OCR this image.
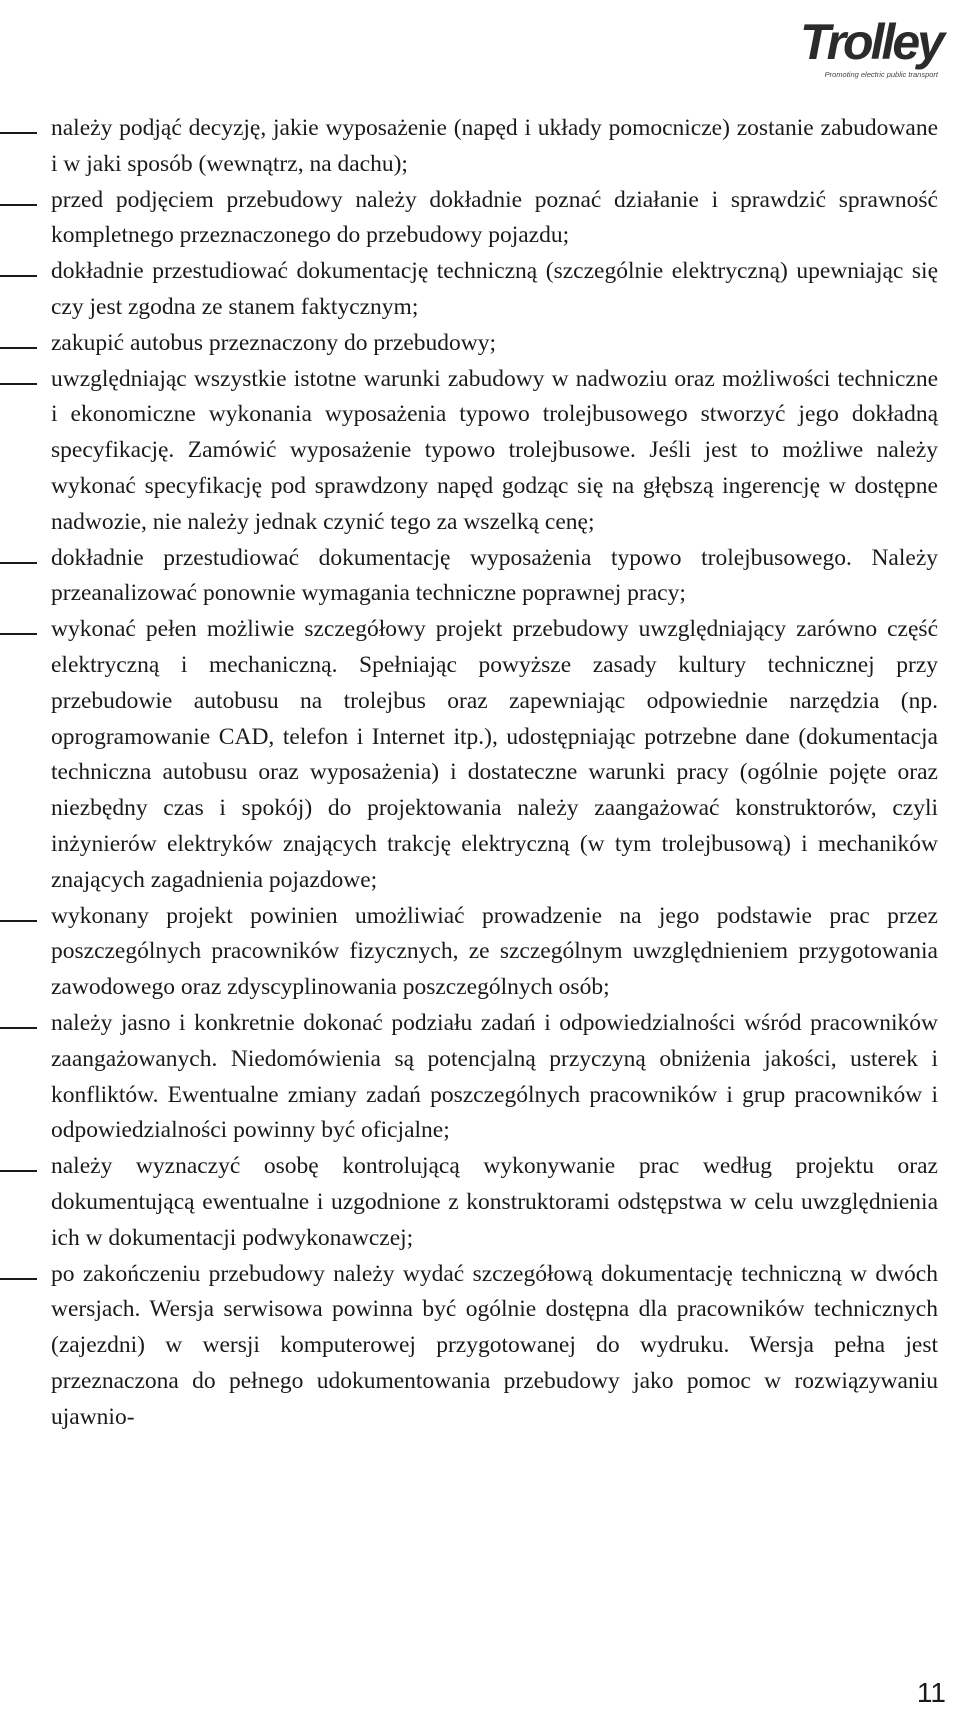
Trolley
Promoting electric public transport
należy podjąć decyzję, jakie wyposażenie (napęd i układy pomocnicze) zostanie zabudowane i w jaki sposób (wewnątrz, na dachu);
przed podjęciem przebudowy należy dokładnie poznać działanie i sprawdzić sprawność kompletnego przeznaczonego do przebudowy pojazdu;
dokładnie przestudiować dokumentację techniczną (szczególnie elektryczną) upewniając się czy jest zgodna ze stanem faktycznym;
zakupić autobus przeznaczony do przebudowy;
uwzględniając wszystkie istotne warunki zabudowy w nadwoziu oraz możliwości techniczne i ekonomiczne wykonania wyposażenia typowo trolejbusowego stworzyć jego dokładną specyfikację. Zamówić wyposażenie typowo trolejbusowe. Jeśli jest to możliwe należy wykonać specyfikację pod sprawdzony napęd godząc się na głębszą ingerencję w dostępne nadwozie, nie należy jednak czynić tego za wszelką cenę;
dokładnie przestudiować dokumentację wyposażenia typowo trolejbusowego. Należy przeanalizować ponownie wymagania techniczne poprawnej pracy;
wykonać pełen możliwie szczegółowy projekt przebudowy uwzględniający zarówno część elektryczną i mechaniczną. Spełniając powyższe zasady kultury technicznej przy przebudowie autobusu na trolejbus oraz zapewniając odpowiednie narzędzia (np. oprogramowanie CAD, telefon i Internet itp.), udostępniając potrzebne dane (dokumentacja techniczna autobusu oraz wyposażenia) i dostateczne warunki pracy (ogólnie pojęte oraz niezbędny czas i spokój) do projektowania należy zaangażować konstruktorów, czyli inżynierów elektryków znających trakcję elektryczną (w tym trolejbusową) i mechaników znających zagadnienia pojazdowe;
wykonany projekt powinien umożliwiać prowadzenie na jego podstawie prac przez poszczególnych pracowników fizycznych, ze szczególnym uwzględnieniem przygotowania zawodowego oraz zdyscyplinowania poszczególnych osób;
należy jasno i konkretnie dokonać podziału zadań i odpowiedzialności wśród pracowników zaangażowanych. Niedomówienia są potencjalną przyczyną obniżenia jakości, usterek i konfliktów. Ewentualne zmiany zadań poszczególnych pracowników i grup pracowników i odpowiedzialności powinny być oficjalne;
należy wyznaczyć osobę kontrolującą wykonywanie prac według projektu oraz dokumentującą ewentualne i uzgodnione z konstruktorami odstępstwa w celu uwzględnienia ich w dokumentacji podwykonawczej;
po zakończeniu przebudowy należy wydać szczegółową dokumentację techniczną w dwóch wersjach. Wersja serwisowa powinna być ogólnie dostępna dla pracowników technicznych (zajezdni) w wersji komputerowej przygotowanej do wydruku. Wersja pełna jest przeznaczona do pełnego udokumentowania przebudowy jako pomoc w rozwiązywaniu ujawnio-
11
